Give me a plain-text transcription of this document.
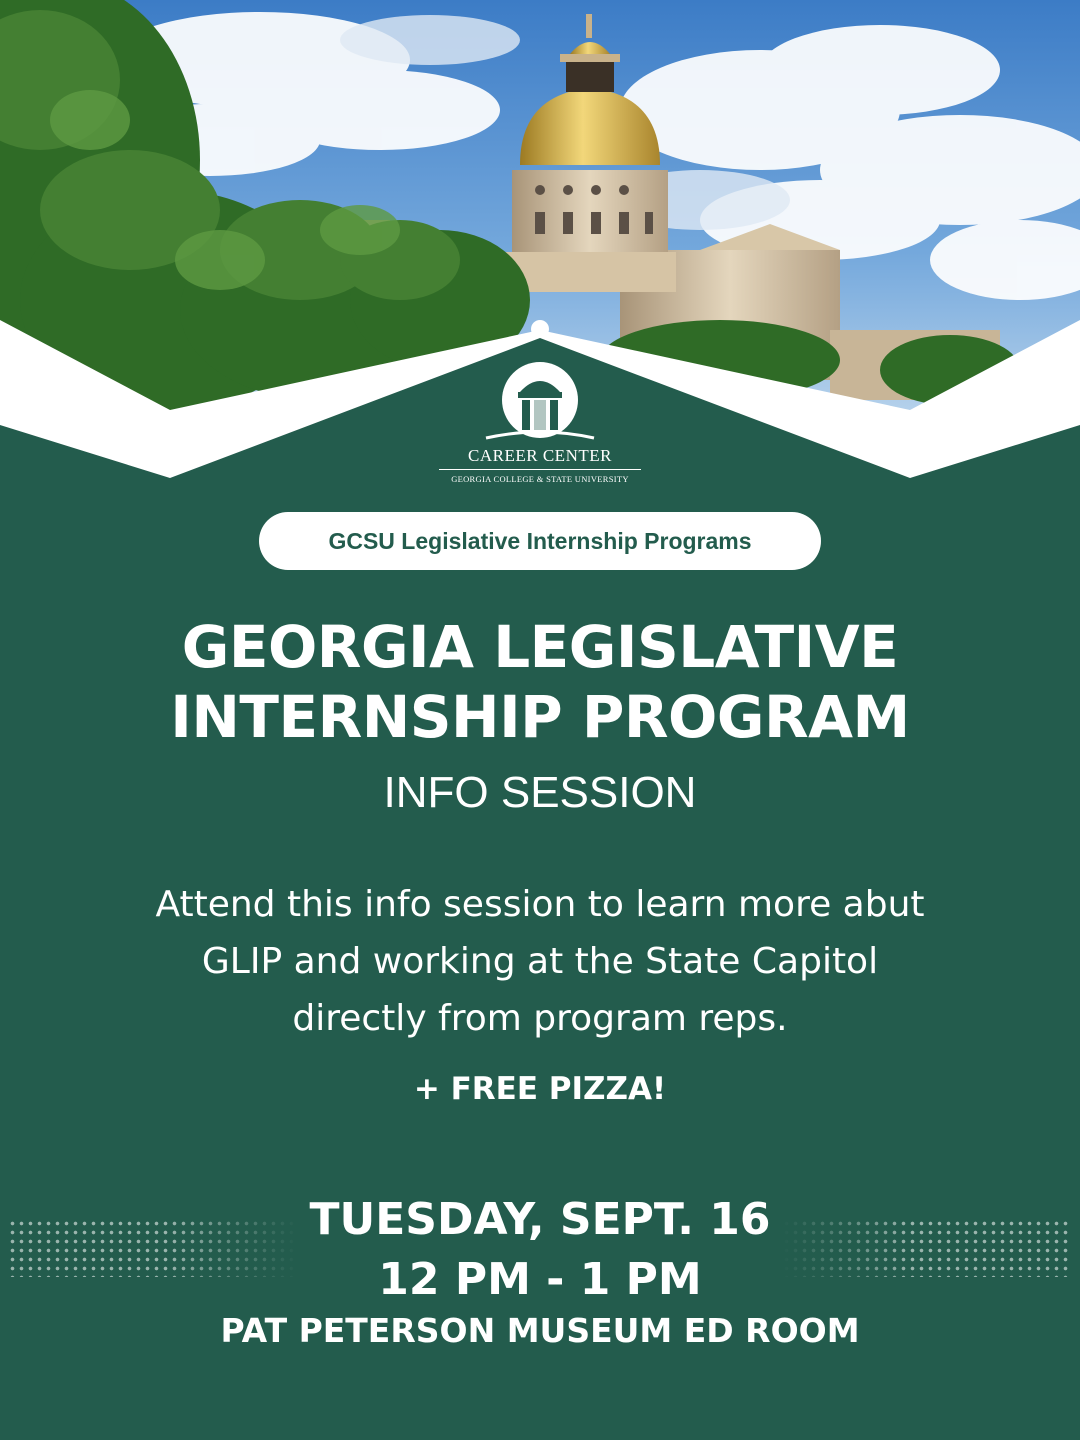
CAREER CENTER
GEORGIA COLLEGE & STATE UNIVERSITY
GCSU Legislative Internship Programs
GEORGIA LEGISLATIVE
INTERNSHIP PROGRAM
INFO SESSION
Attend this info session to learn more abut
GLIP and working at the State Capitol
directly from program reps.
+ FREE PIZZA!
TUESDAY, SEPT. 16
12 PM - 1 PM
PAT PETERSON MUSEUM ED ROOM
